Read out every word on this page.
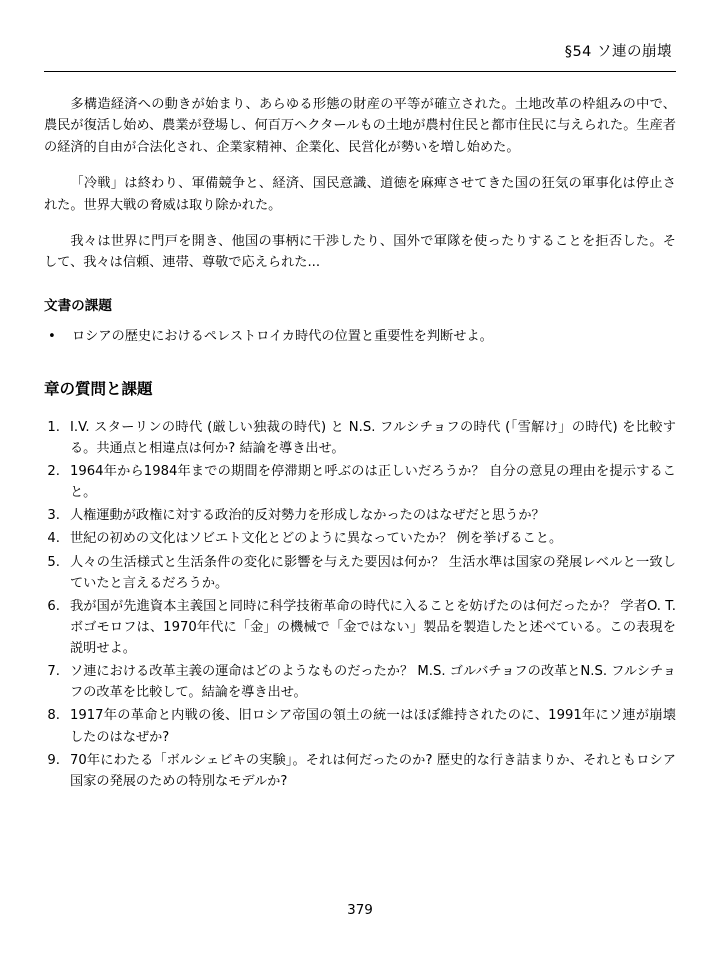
§54 ソ連の崩壊

多構造経済への動きが始まり、あらゆる形態の財産の平等が確立された。土地改革の枠組みの中で、農民が復活し始め、農業が登場し、何百万ヘクタールもの土地が農村住民と都市住民に与えられた。生産者の経済的自由が合法化され、企業家精神、企業化、民営化が勢いを増し始めた。

「冷戦」は終わり、軍備競争と、経済、国民意識、道徳を麻痺させてきた国の狂気の軍事化は停止された。世界大戦の脅威は取り除かれた。

我々は世界に門戸を開き、他国の事柄に干渉したり、国外で軍隊を使ったりすることを拒否した。そして、我々は信頼、連帯、尊敬で応えられた...

文書の課題
• ロシアの歴史におけるペレストロイカ時代の位置と重要性を判断せよ。
章の質問と課題
1. I.V. スターリンの時代 (厳しい独裁の時代) と N.S. フルシチョフの時代 (「雪解け」の時代) を比較する。共通点と相違点は何か? 結論を導き出せ。
2. 1964年から1984年までの期間を停滞期と呼ぶのは正しいだろうか？ 自分の意見の理由を提示すること。
3. 人権運動が政権に対する政治的反対勢力を形成しなかったのはなぜだと思うか？
4. 世紀の初めの文化はソビエト文化とどのように異なっていたか？ 例を挙げること。
5. 人々の生活様式と生活条件の変化に影響を与えた要因は何か？ 生活水準は国家の発展レベルと一致していたと言えるだろうか。
6. 我が国が先進資本主義国と同時に科学技術革命の時代に入ることを妨げたのは何だったか？ 学者O. T. ボゴモロフは、1970年代に「金」の機械で「金ではない」製品を製造したと述べている。この表現を説明せよ。
7. ソ連における改革主義の運命はどのようなものだったか？ M.S. ゴルバチョフの改革とN.S. フルシチョフの改革を比較して。結論を導き出せ。
8. 1917年の革命と内戦の後、旧ロシア帝国の領土の統一はほぼ維持されたのに、1991年にソ連が崩壊したのはなぜか?
9. 70年にわたる「ボルシェビキの実験」。それは何だったのか? 歴史的な行き詰まりか、それともロシア国家の発展のための特別なモデルか?
379
